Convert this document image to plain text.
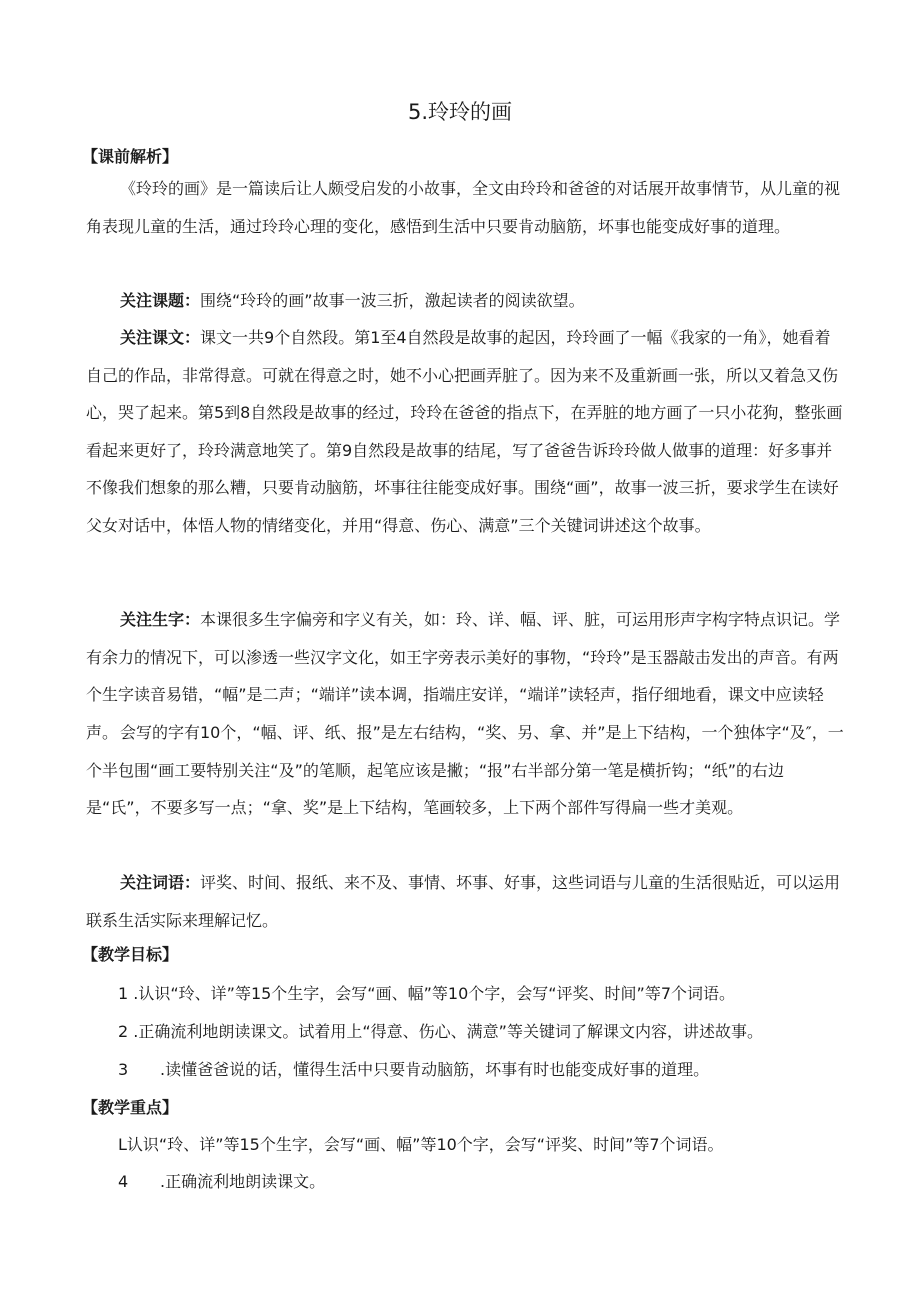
5.玲玲的画
【课前解析】

《玲玲的画》是一篇读后让人颇受启发的小故事，全文由玲玲和爸爸的对话展开故事情节，从儿童的视角表现儿童的生活，通过玲玲心理的变化，感悟到生活中只要肯动脑筋，坏事也能变成好事的道理。

关注课题：围绕“玲玲的画”故事一波三折，激起读者的阅读欲望。

关注课文：课文一共9个自然段。第1至4自然段是故事的起因，玲玲画了一幅《我家的一角》，她看着自己的作品，非常得意。可就在得意之时，她不小心把画弄脏了。因为来不及重新画一张，所以又着急又伤心，哭了起来。第5到8自然段是故事的经过，玲玲在爸爸的指点下，在弄脏的地方画了一只小花狗，整张画看起来更好了，玲玲满意地笑了。第9自然段是故事的结尾，写了爸爸告诉玲玲做人做事的道理：好多事并不像我们想象的那么糟，只要肯动脑筋，坏事往往能变成好事。围绕“画”，故事一波三折，要求学生在读好父女对话中，体悟人物的情绪变化，并用“得意、伤心、满意”三个关键词讲述这个故事。

关注生字：本课很多生字偏旁和字义有关，如：玲、详、幅、评、脏，可运用形声字构字特点识记。学有余力的情况下，可以渗透一些汉字文化，如王字旁表示美好的事物，“玲玲”是玉器敲击发出的声音。有两个生字读音易错，“幅”是二声；“端详”读本调，指端庄安详，“端详”读轻声，指仔细地看，课文中应读轻声。 会写的字有10个，“幅、评、纸、报”是左右结构，“奖、另、拿、并”是上下结构，一个独体字“及″，一个半包围“画工要特别关注“及”的笔顺，起笔应该是撇；“报”右半部分第一笔是横折钩；“纸”的右边是“氏”，不要多写一点；“拿、奖”是上下结构，笔画较多，上下两个部件写得扁一些才美观。

关注词语：评奖、时间、报纸、来不及、事情、坏事、好事，这些词语与儿童的生活很贴近，可以运用联系生活实际来理解记忆。

【教学目标】
1 .认识“玲、详”等15个生字，会写“画、幅”等10个字，会写“评奖、时间”等7个词语。
2 .正确流利地朗读课文。试着用上“得意、伤心、满意”等关键词了解课文内容，讲述故事。
3 .读懂爸爸说的话，懂得生活中只要肯动脑筋，坏事有时也能变成好事的道理。
【教学重点】
L认识“玲、详”等15个生字，会写“画、幅”等10个字，会写“评奖、时间”等7个词语。
4 .正确流利地朗读课文。
